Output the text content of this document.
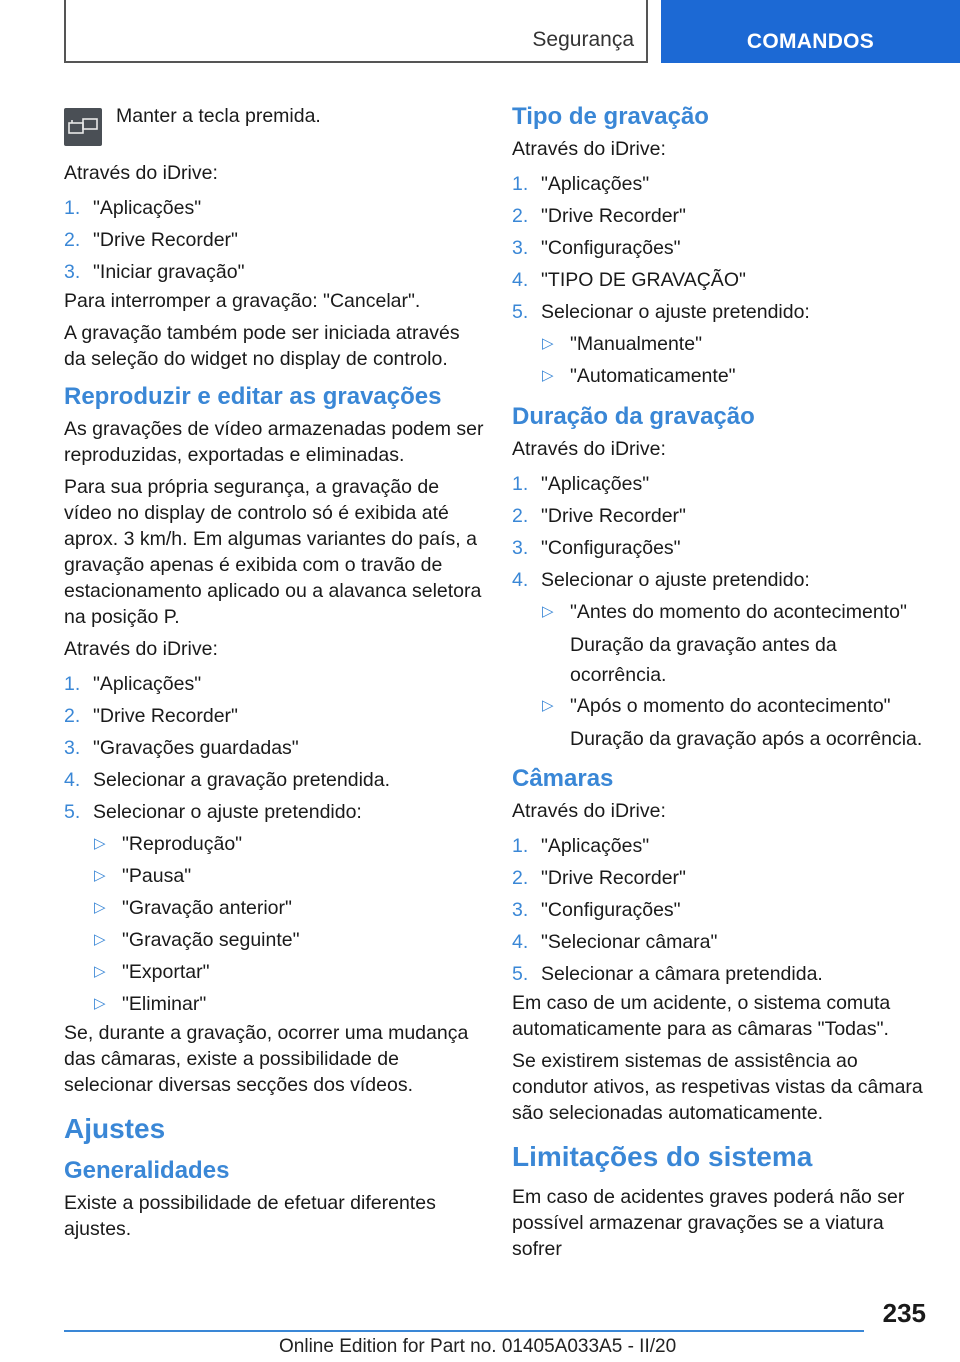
Segurança	COMANDOS
Manter a tecla premida.

Através do iDrive:

1. "Aplicações"
2. "Drive Recorder"
3. "Iniciar gravação"

Para interromper a gravação: "Cancelar".

A gravação também pode ser iniciada através da seleção do widget no display de controlo.

Reproduzir e editar as gravações

As gravações de vídeo armazenadas podem ser reproduzidas, exportadas e eliminadas.

Para sua própria segurança, a gravação de vídeo no display de controlo só é exibida até aprox. 3 km/h. Em algumas variantes do país, a gravação apenas é exibida com o travão de estacionamento aplicado ou a alavanca seletora na posição P.

Através do iDrive:

1. "Aplicações"
2. "Drive Recorder"
3. "Gravações guardadas"
4. Selecionar a gravação pretendida.
5. Selecionar o ajuste pretendido:
▷ "Reprodução"
▷ "Pausa"
▷ "Gravação anterior"
▷ "Gravação seguinte"
▷ "Exportar"
▷ "Eliminar"

Se, durante a gravação, ocorrer uma mudança das câmaras, existe a possibilidade de selecionar diversas secções dos vídeos.

Ajustes
Generalidades

Existe a possibilidade de efetuar diferentes ajustes.

Tipo de gravação

Através do iDrive:

1. "Aplicações"
2. "Drive Recorder"
3. "Configurações"
4. "TIPO DE GRAVAÇÃO"
5. Selecionar o ajuste pretendido:
▷ "Manualmente"
▷ "Automaticamente"
Duração da gravação

Através do iDrive:

1. "Aplicações"
2. "Drive Recorder"
3. "Configurações"
4. Selecionar o ajuste pretendido:
▷ "Antes do momento do acontecimento"
Duração da gravação antes da ocorrência.
▷ "Após o momento do acontecimento"
Duração da gravação após a ocorrência.
Câmaras

Através do iDrive:

1. "Aplicações"
2. "Drive Recorder"
3. "Configurações"
4. "Selecionar câmara"
5. Selecionar a câmara pretendida.

Em caso de um acidente, o sistema comuta automaticamente para as câmaras "Todas".

Se existirem sistemas de assistência ao condutor ativos, as respetivas vistas da câmara são selecionadas automaticamente.

Limitações do sistema

Em caso de acidentes graves poderá não ser possível armazenar gravações se a viatura sofrer

235
Online Edition for Part no. 01405A033A5 - II/20
